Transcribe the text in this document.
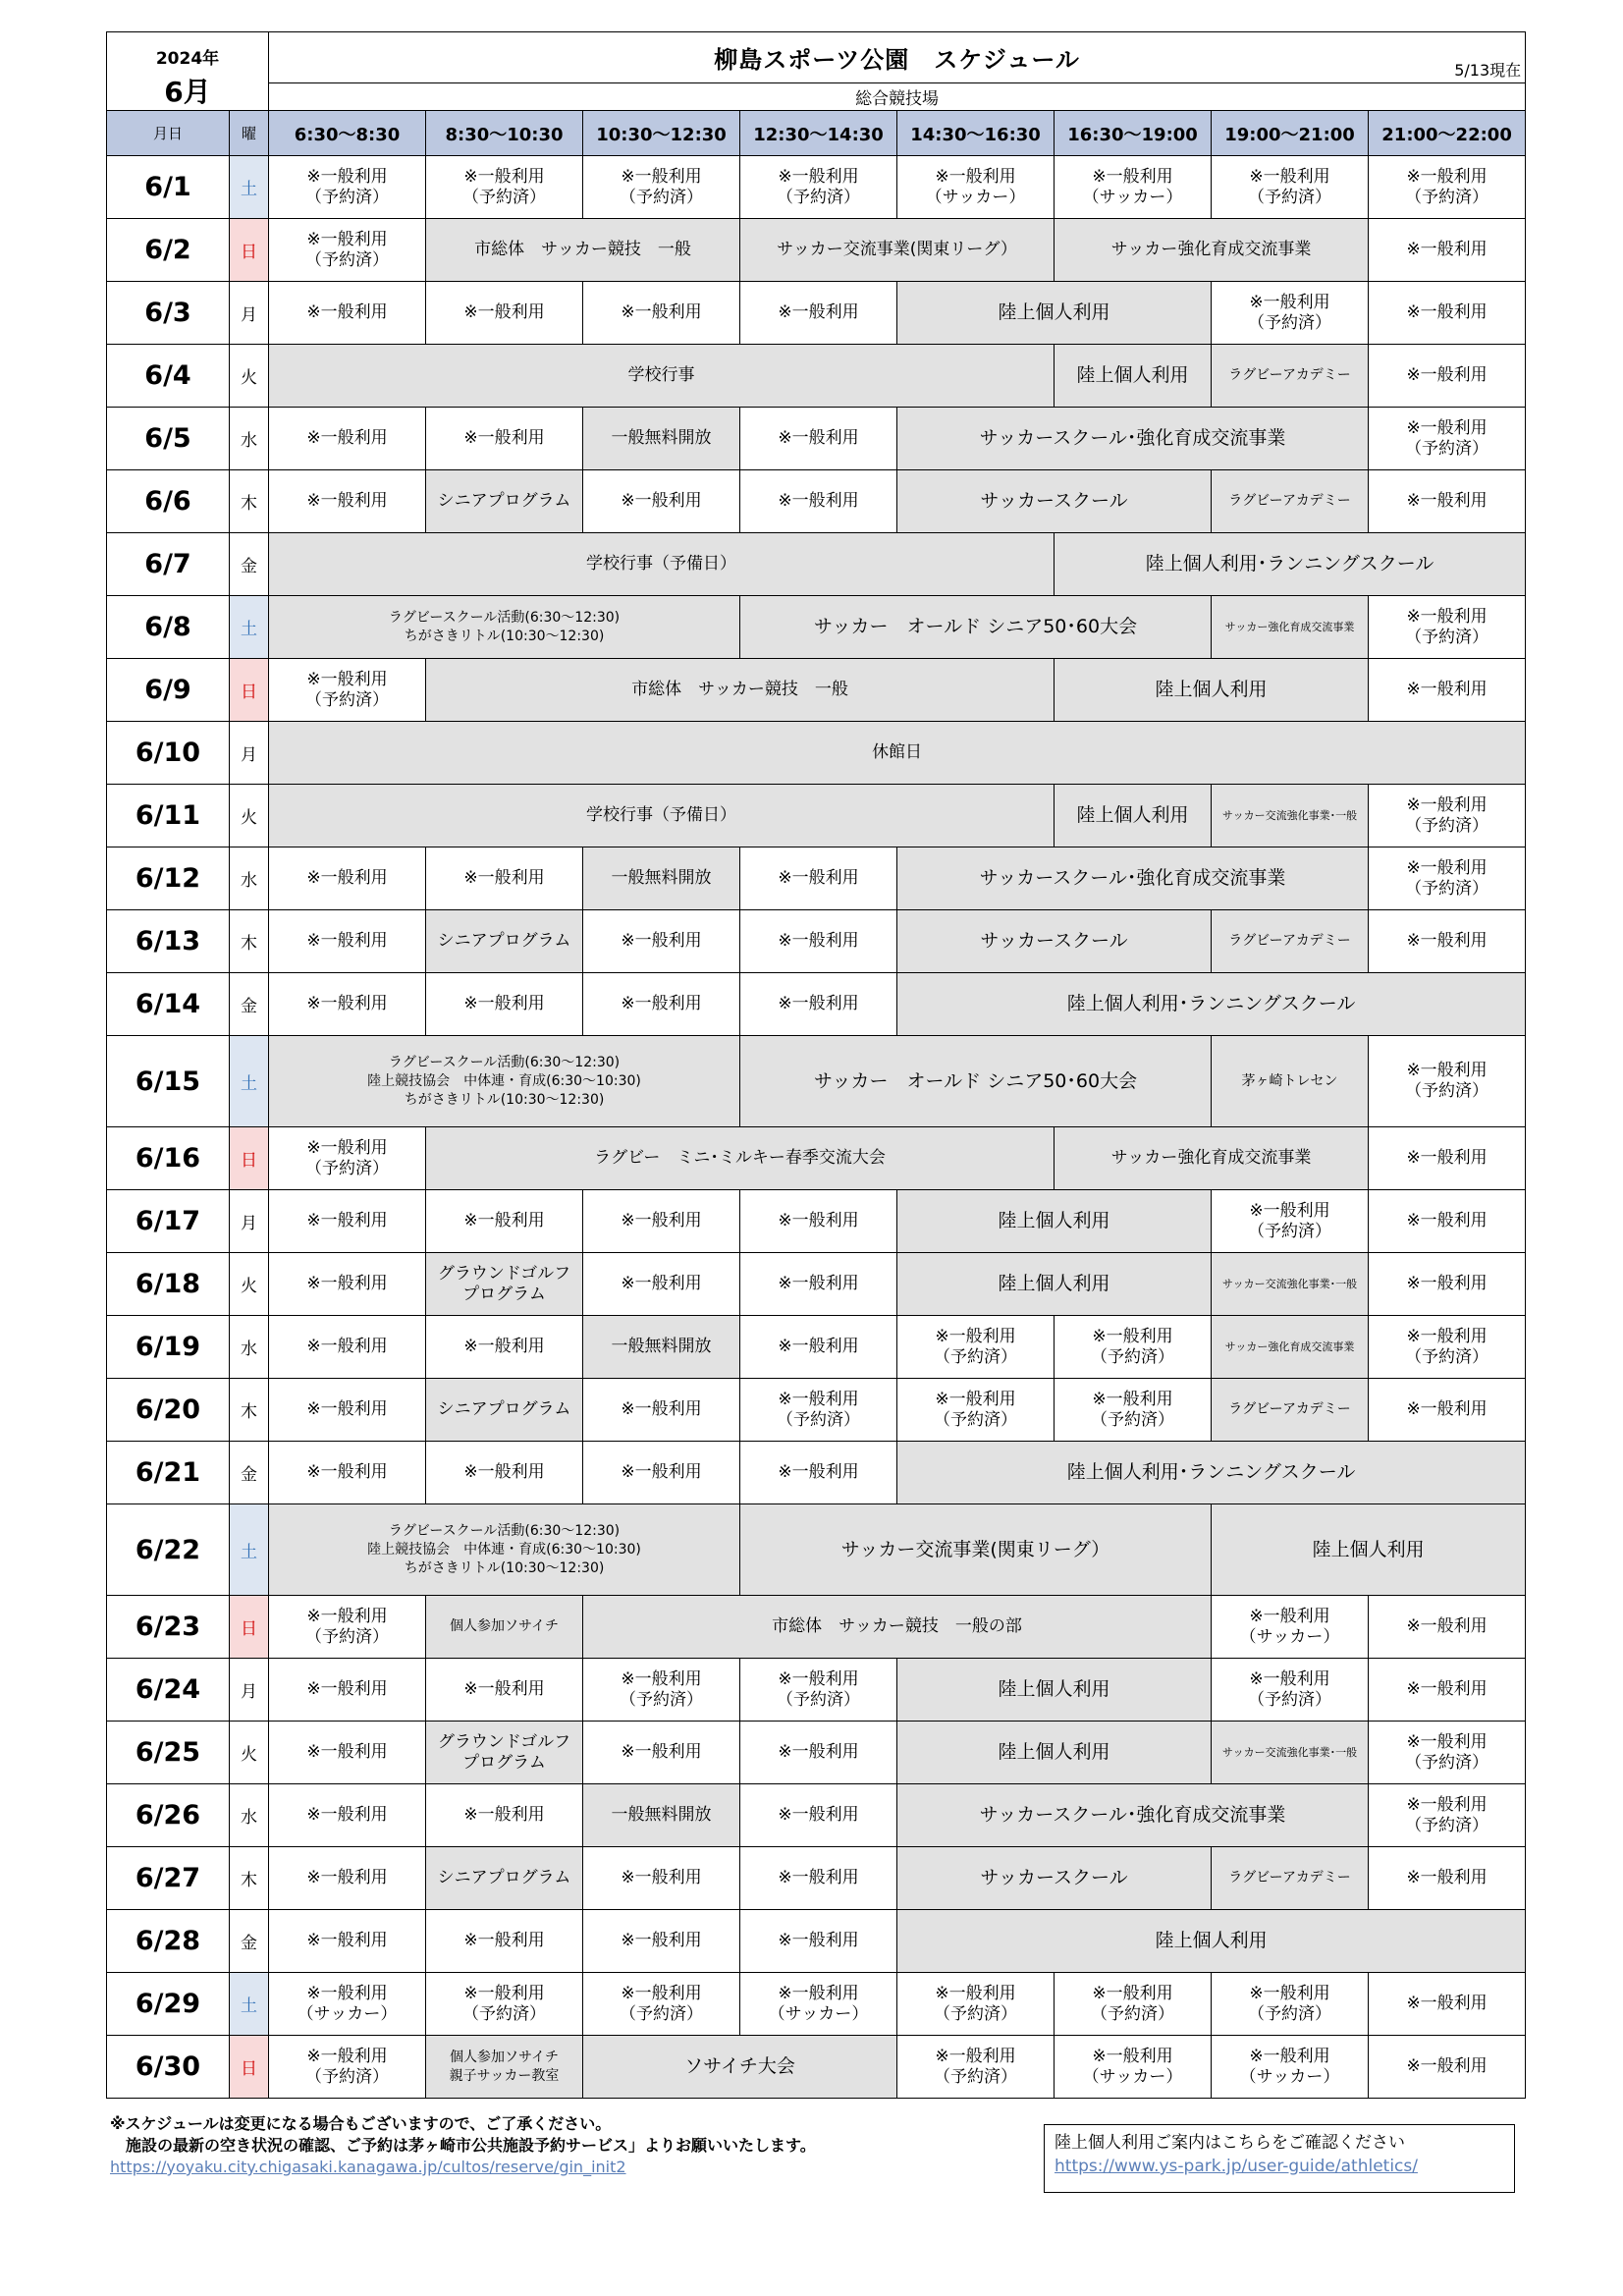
2024年
6月		柳島スポーツ公園　スケジュール 5/13現在							

		総合競技場							
月日	曜	6:30～8:30	8:30～10:30	10:30～12:30	12:30～14:30	14:30～16:30	16:30～19:00	19:00～21:00	21:00～22:00
6/1	土	※一般利用
（予約済）	※一般利用
（予約済）	※一般利用
（予約済）	※一般利用
（予約済）	※一般利用
（サッカー）	※一般利用
（サッカー）	※一般利用
（予約済）	※一般利用
（予約済）
6/2	日	※一般利用
（予約済）	市総体　サッカー競技　一般		サッカー交流事業(関東リーグ）		サッカー強化育成交流事業		※一般利用
6/3	月	※一般利用	※一般利用	※一般利用	※一般利用	陸上個人利用		※一般利用
（予約済）	※一般利用
6/4	火	学校行事					陸上個人利用	ラグビーアカデミー	※一般利用
6/5	水	※一般利用	※一般利用	一般無料開放	※一般利用	サッカースクール･強化育成交流事業			※一般利用
（予約済）
6/6	木	※一般利用	シニアプログラム	※一般利用	※一般利用	サッカースクール		ラグビーアカデミー	※一般利用
6/7	金	学校行事（予備日）					陸上個人利用･ランニングスクール		
6/8	土	ラグビースクール活動(6:30～12:30)
ちがさきリトル(10:30～12:30)			サッカー　オールド シニア50･60大会			サッカー強化育成交流事業	※一般利用
（予約済）
6/9	日	※一般利用
（予約済）	市総体　サッカー競技　一般				陸上個人利用		※一般利用
6/10	月	休館日							
6/11	火	学校行事（予備日）					陸上個人利用	サッカー交流強化事業･一般	※一般利用
（予約済）
6/12	水	※一般利用	※一般利用	一般無料開放	※一般利用	サッカースクール･強化育成交流事業			※一般利用
（予約済）
6/13	木	※一般利用	シニアプログラム	※一般利用	※一般利用	サッカースクール		ラグビーアカデミー	※一般利用
6/14	金	※一般利用	※一般利用	※一般利用	※一般利用	陸上個人利用･ランニングスクール			
6/15	土	ラグビースクール活動(6:30～12:30)
陸上競技協会　中体連・育成(6:30～10:30)
ちがさきリトル(10:30～12:30)			サッカー　オールド シニア50･60大会			茅ヶ崎トレセン	※一般利用
（予約済）
6/16	日	※一般利用
（予約済）	ラグビー　ミニ･ミルキー春季交流大会				サッカー強化育成交流事業		※一般利用
6/17	月	※一般利用	※一般利用	※一般利用	※一般利用	陸上個人利用		※一般利用
（予約済）	※一般利用
6/18	火	※一般利用	グラウンドゴルフ
プログラム	※一般利用	※一般利用	陸上個人利用		サッカー交流強化事業･一般	※一般利用
6/19	水	※一般利用	※一般利用	一般無料開放	※一般利用	※一般利用
（予約済）	※一般利用
（予約済）	サッカー強化育成交流事業	※一般利用
（予約済）
6/20	木	※一般利用	シニアプログラム	※一般利用	※一般利用
（予約済）	※一般利用
（予約済）	※一般利用
（予約済）	ラグビーアカデミー	※一般利用
6/21	金	※一般利用	※一般利用	※一般利用	※一般利用	陸上個人利用･ランニングスクール			
6/22	土	ラグビースクール活動(6:30～12:30)
陸上競技協会　中体連・育成(6:30～10:30)
ちがさきリトル(10:30～12:30)			サッカー交流事業(関東リーグ）			陸上個人利用	
6/23	日	※一般利用
（予約済）	個人参加ソサイチ	市総体　サッカー競技　一般の部				※一般利用
（サッカー）	※一般利用
6/24	月	※一般利用	※一般利用	※一般利用
（予約済）	※一般利用
（予約済）	陸上個人利用		※一般利用
（予約済）	※一般利用
6/25	火	※一般利用	グラウンドゴルフ
プログラム	※一般利用	※一般利用	陸上個人利用		サッカー交流強化事業･一般	※一般利用
（予約済）
6/26	水	※一般利用	※一般利用	一般無料開放	※一般利用	サッカースクール･強化育成交流事業			※一般利用
（予約済）
6/27	木	※一般利用	シニアプログラム	※一般利用	※一般利用	サッカースクール		ラグビーアカデミー	※一般利用
6/28	金	※一般利用	※一般利用	※一般利用	※一般利用	陸上個人利用			
6/29	土	※一般利用
（サッカー）	※一般利用
（予約済）	※一般利用
（予約済）	※一般利用
（サッカー）	※一般利用
（予約済）	※一般利用
（予約済）	※一般利用
（予約済）	※一般利用
6/30	日	※一般利用
（予約済）	個人参加ソサイチ
親子サッカー教室	ソサイチ大会		※一般利用
（予約済）	※一般利用
（サッカー）	※一般利用
（サッカー）	※一般利用
※スケジュールは変更になる場合もございますので、ご了承ください。
施設の最新の空き状況の確認、ご予約は茅ヶ崎市公共施設予約サービス」よりお願いいたします。
https://yoyaku.city.chigasaki.kanagawa.jp/cultos/reserve/gin_init2
陸上個人利用ご案内はこちらをご確認ください
https://www.ys-park.jp/user-guide/athletics/
